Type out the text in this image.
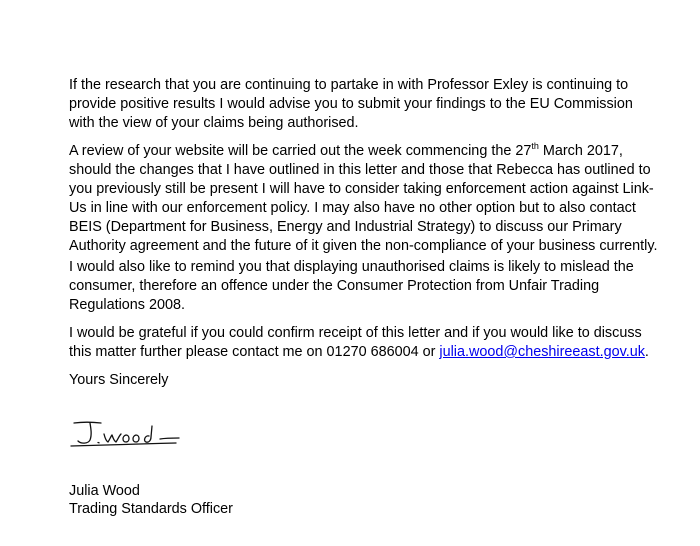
If the research that you are continuing to partake in with Professor Exley is continuing to provide positive results I would advise you to submit your findings to the EU Commission with the view of your claims being authorised.

A review of your website will be carried out the week commencing the 27th March 2017, should the changes that I have outlined in this letter and those that Rebecca has outlined to you previously still be present I will have to consider taking enforcement action against Link-Us in line with our enforcement policy. I may also have no other option but to also contact BEIS (Department for Business, Energy and Industrial Strategy) to discuss our Primary Authority agreement and the future of it given the non-compliance of your business currently.

I would also like to remind you that displaying unauthorised claims is likely to mislead the consumer, therefore an offence under the Consumer Protection from Unfair Trading Regulations 2008.

I would be grateful if you could confirm receipt of this letter and if you would like to discuss this matter further please contact me on 01270 686004 or julia.wood@cheshireeast.gov.uk.

Yours Sincerely

Julia Wood

Trading Standards Officer
